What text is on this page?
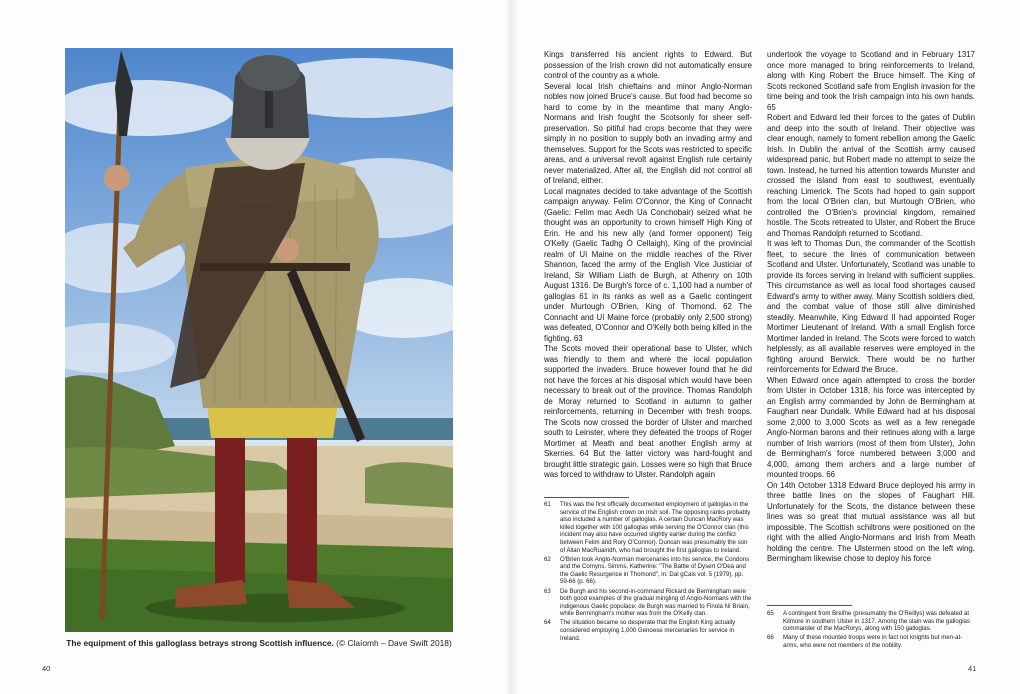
The equipment of this galloglass betrays strong Scottish influence. (© Claíomh – Dave Swift 2018)
40	41

Kings transferred his ancient rights to Edward. But possession of the Irish crown did not automatically ensure control of the country as a whole.

Several local Irish chieftains and minor Anglo-Norman nobles now joined Bruce's cause. But food had become so hard to come by in the meantime that many Anglo-Normans and Irish fought the Scotsonly for sheer self-preservation. So pitiful had crops become that they were simply in no position to supply both an invading army and themselves. Support for the Scots was restricted to specific areas, and a universal revolt against English rule certainly never materialized. After all, the English did not control all of Ireland, either.

Local magnates decided to take advantage of the Scottish campaign anyway. Felim O'Connor, the King of Connacht (Gaelic: Felim mac Aedh Ua Conchobair) seized what he thought was an opportunity to crown himself High King of Erin. He and his new ally (and former opponent) Teig O'Kelly (Gaelic Tadhg Ó Cellaigh), King of the provincial realm of Uí Maine on the middle reaches of the River Shannon, faced the army of the English Vice Justiciar of Ireland, Sir William Liath de Burgh, at Athenry on 10th August 1316. De Burgh's force of c. 1,100 had a number of galloglas 61 in its ranks as well as a Gaelic contingent under Murtough O'Brien, King of Thomond. 62 The Connacht and Uí Maine force (probably only 2,500 strong) was defeated, O'Connor and O'Kelly both being killed in the fighting. 63

The Scots moved their operational base to Ulster, which was friendly to them and where the local population supported the invaders. Bruce however found that he did not have the forces at his disposal which would have been necessary to break out of the province. Thomas Randolph de Moray returned to Scotland in autumn to gather reinforcements, returning in December with fresh troops. The Scots now crossed the border of Ulster and marched south to Leinster, where they defeated the troops of Roger Mortimer at Meath and beat another English army at Skerries. 64 But the latter victory was hard-fought and brought little strategic gain. Losses were so high that Bruce was forced to withdraw to Ulster. Randolph again

61	This was the first officially documented employment of galloglas in the service of the English crown on Irish soil. The opposing ranks probably also included a number of galloglas. A certain Duncan MacRory was killed together with 100 galloglas while serving the O'Connor clan (this incident may also have occurred slightly earlier during the conflict between Felim and Rory O'Connor). Duncan was presumably the son of Allan MacRuairidh, who had brought the first galloglas to Ireland.
62	O'Brien took Anglo-Norman mercenaries into his service, the Condons and the Comyns. Simms, Katherine: "The Battle of Dysert O'Dea and the Gaelic Resurgence in Thomond", in: Dal gCais vol. 5 (1979), pp. 59-66 (p. 66).
63	De Burgh and his second-in-command Rickard de Bermingham were both good examples of the gradual mingling of Anglo-Normans with the indigenous Gaelic populace: de Burgh was married to Finola Ní Briain, while Bermingham's mother was from the O'Kelly clan.
64	The situation became so desperate that the English King actually considered employing 1,000 Genoese mercenaries for service in Ireland.

undertook the voyage to Scotland and in February 1317 once more managed to bring reinforcements to Ireland, along with King Robert the Bruce himself. The King of Scots reckoned Scotland safe from English invasion for the time being and took the Irish campaign into his own hands. 65

Robert and Edward led their forces to the gates of Dublin and deep into the south of Ireland. Their objective was clear enough, namely to foment rebellion among the Gaelic Irish. In Dublin the arrival of the Scottish army caused widespread panic, but Robert made no attempt to seize the town. Instead, he turned his attention towards Munster and crossed the island from east to southwest, eventually reaching Limerick. The Scots had hoped to gain support from the local O'Brien clan, but Murtough O'Brien, who controlled the O'Brien's provincial kingdom, remained hostile. The Scots retreated to Ulster, and Robert the Bruce and Thomas Randolph returned to Scotland.

It was left to Thomas Dun, the commander of the Scottish fleet, to secure the lines of communication between Scotland and Ulster. Unfortunately, Scotland was unable to provide its forces serving in Ireland with sufficient supplies. This circumstance as well as local food shortages caused Edward's army to wither away. Many Scottish soldiers died, and the combat value of those still alive diminished steadily. Meanwhile, King Edward II had appointed Roger Mortimer Lieutenant of Ireland. With a small English force Mortimer landed in Ireland. The Scots were forced to watch helplessly, as all available reserves were employed in the fighting around Berwick. There would be no further reinforcements for Edward the Bruce.

When Edward once again attempted to cross the border from Ulster in October 1318, his force was intercepted by an English army commanded by John de Bermingham at Faughart near Dundalk. While Edward had at his disposal some 2,000 to 3,000 Scots as well as a few renegade Anglo-Norman barons and their retinues along with a large number of Irish warriors (most of them from Ulster), John de Bermingham's force numbered between 3,000 and 4,000, among them archers and a large number of mounted troops. 66

On 14th October 1318 Edward Bruce deployed his army in three battle lines on the slopes of Faughart Hill. Unfortunately for the Scots, the distance between these lines was so great that mutual assistance was all but impossible. The Scottish schiltrons were positioned on the right with the allied Anglo-Normans and Irish from Meath holding the centre. The Ulstermen stood on the left wing. Bermingham likewise chose to deploy his force

65	A contingent from Breifne (presumably the O'Reillys) was defeated at Kilmore in southern Ulster in 1317. Among the slain was the galloglas commander of the MacRorys, along with 150 galloglas.
66	Many of these mounted troops were in fact not knights but men-at-arms, who were not members of the nobility.
